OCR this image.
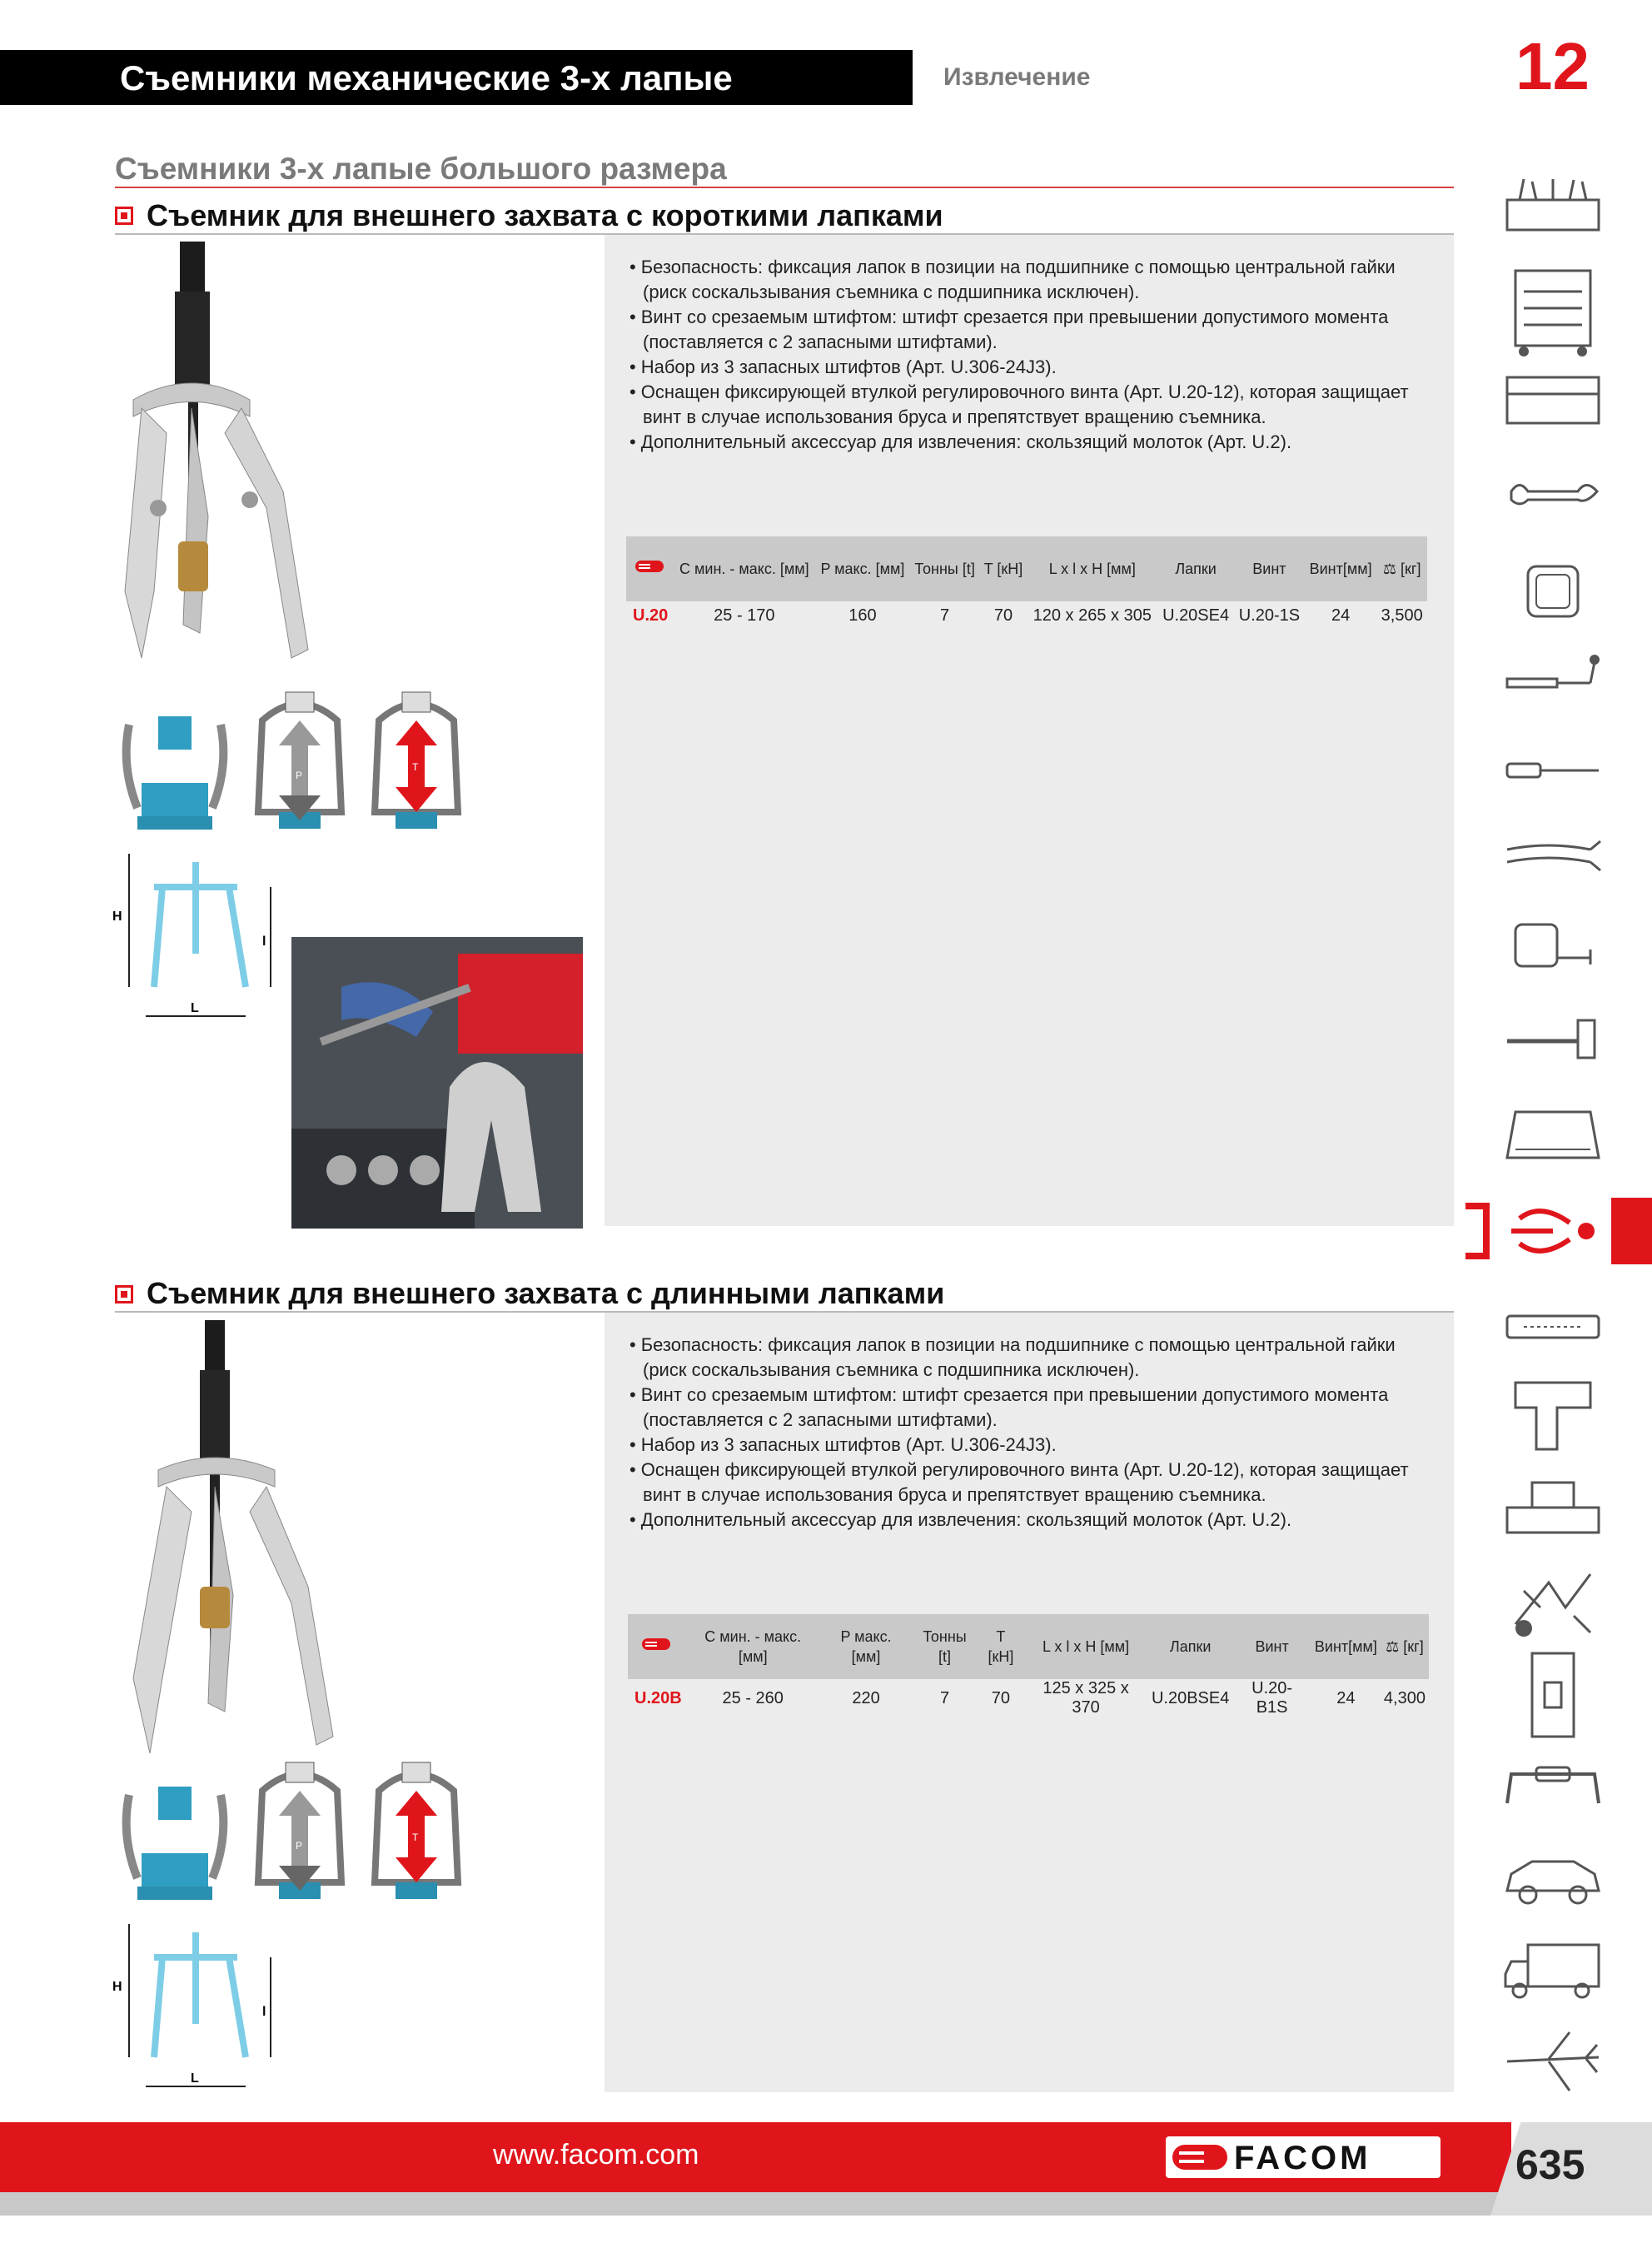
Съемники механические 3-х лапые	Извлечение	12
Съемники 3-х лапые большого размера
Съемник для внешнего захвата с короткими лапками
• Безопасность: фиксация лапок в позиции на подшипнике с помощью центральной гайки (риск соскальзывания съемника с подшипника исключен).
• Винт со срезаемым штифтом: штифт срезается при превышении допустимого момента (поставляется с 2 запасными штифтами).
• Набор из 3 запасных штифтов (Арт. U.306-24J3).
• Оснащен фиксирующей втулкой регулировочного винта (Арт. U.20-12), которая защищает винт в случае использования бруса и препятствует вращению съемника.
• Дополнительный аксессуар для извлечения: скользящий молоток (Арт. U.2).
	С мин. - макс. [мм]	P макс. [мм]	Тонны [t]	T [кН]	L x l x H [мм]	Лапки	Винт	Винт[мм]	⚖ [кг]
U.20	25 - 170	160	7	70	120 x 265 x 305	U.20SE4	U.20-1S	24	3,500
C
P
T
H
l
L
Съемник для внешнего захвата с длинными лапками
• Безопасность: фиксация лапок в позиции на подшипнике с помощью центральной гайки (риск соскальзывания съемника с подшипника исключен).
• Винт со срезаемым штифтом: штифт срезается при превышении допустимого момента (поставляется с 2 запасными штифтами).
• Набор из 3 запасных штифтов (Арт. U.306-24J3).
• Оснащен фиксирующей втулкой регулировочного винта (Арт. U.20-12), которая защищает винт в случае использования бруса и препятствует вращению съемника.
• Дополнительный аксессуар для извлечения: скользящий молоток (Арт. U.2).
	С мин. - макс. [мм]	P макс. [мм]	Тонны [t]	T [кН]	L x l x H [мм]	Лапки	Винт	Винт[мм]	⚖ [кг]
U.20B	25 - 260	220	7	70	125 x 325 x 370	U.20BSE4	U.20-B1S	24	4,300
C
P
T
H
l
L
www.facom.com	FACOM	635
